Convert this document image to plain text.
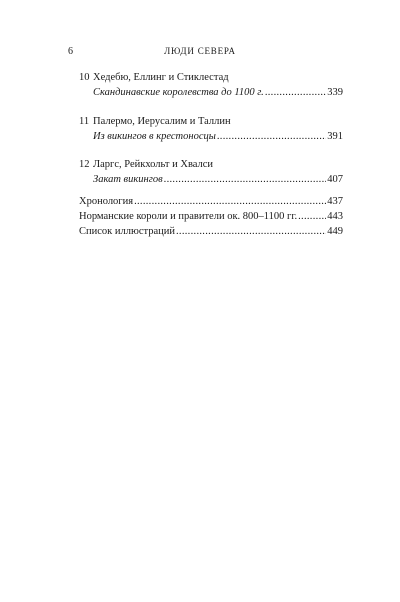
6	ЛЮДИ СЕВЕРА
10 Хедебю, Еллинг и Стиклестад
Скандинавские королевства до 1100 г. .....	339
11 Палермо, Иерусалим и Таллин
Из викингов в крестоносцы .....	391
12 Ларгс, Рейкхольт и Хвалси
Закат викингов .....	407
Хронология .....	437
Норманские короли и правители ок. 800–1100 гг. .....	443
Список иллюстраций .....	449
